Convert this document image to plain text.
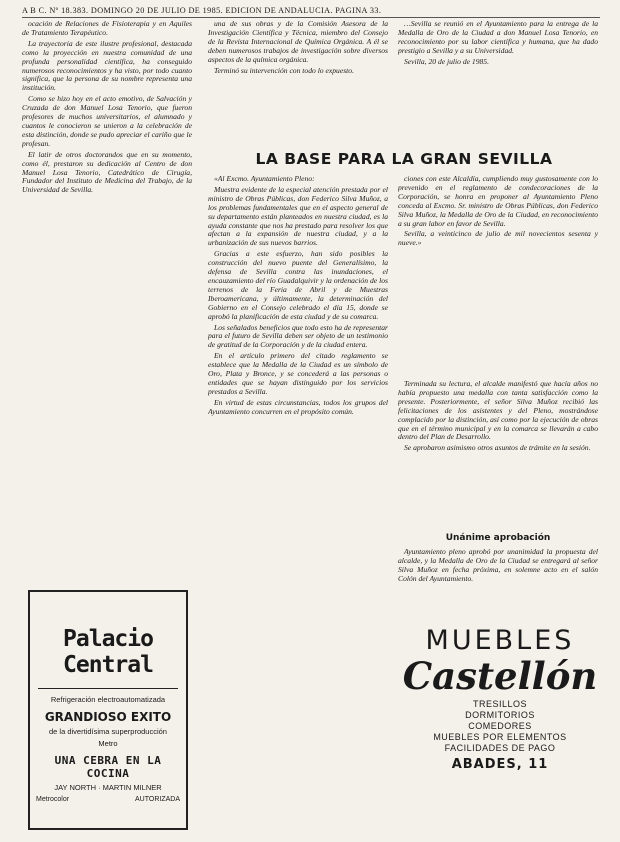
A B C. Nº 18.383. DOMINGO 20 DE JULIO DE 1985. EDICION DE ANDALUCIA. PAGINA 33.

ocación de Relaciones de Fisioterapia y en Aquiles de Tratamiento Terapéutico.

La trayectoria de este ilustre profesional, destacada como la proyección en nuestra comunidad de una profunda personalidad científica, ha conseguido numerosos reconocimientos y ha visto, por todo cuanto significa, que la persona de su nombre representa una institución.

Como se hizo hoy en el acto emotivo, de Salvación y Cruzada de don Manuel Losa Tenorio, que fueron profesores de muchos universitarios, el alumnado y cuantos le conocieron se unieron a la celebración de esta distinción, donde se pudo apreciar el cariño que le profesan.

El latir de otros doctorandos que en su momento, como él, prestaron su dedicación al Centro de don Manuel Losa Tenorio, Catedrático de Cirugía, Fundador del Instituto de Medicina del Trabajo, de la Universidad de Sevilla.

una de sus obras y de la Comisión Asesora de la Investigación Científica y Técnica, miembro del Consejo de la Revista Internacional de Química Orgánica. A él se deben numerosos trabajos de investigación sobre diversos aspectos de la química orgánica.

Terminó su intervención con todo lo expuesto.

…Sevilla se reunió en el Ayuntamiento para la entrega de la Medalla de Oro de la Ciudad a don Manuel Losa Tenorio, en reconocimiento por su labor científica y humana, que ha dado prestigio a Sevilla y a su Universidad.

Sevilla, 20 de julio de 1985.

LA BASE PARA LA GRAN SEVILLA

«Al Excmo. Ayuntamiento Pleno:

Muestra evidente de la especial atención prestada por el ministro de Obras Públicas, don Federico Silva Muñoz, a los problemas fundamentales que en el aspecto general de su departamento están planteados en nuestra ciudad, es la ayuda constante que nos ha prestado para resolver los que afectan a la expansión de nuestra ciudad, y a la urbanización de sus nuevos barrios.

Gracias a este esfuerzo, han sido posibles la construcción del nuevo puente del Generalísimo, la defensa de Sevilla contra las inundaciones, el encauzamiento del río Guadalquivir y la ordenación de los terrenos de la Feria de Abril y de Muestras Iberoamericana, y últimamente, la determinación del Gobierno en el Consejo celebrado el día 15, donde se aprobó la planificación de esta ciudad y de su comarca.

Los señalados beneficios que todo esto ha de representar para el futuro de Sevilla deben ser objeto de un testimonio de gratitud de la Corporación y de la ciudad entera.

En el artículo primero del citado reglamento se establece que la Medalla de la Ciudad es un símbolo de Oro, Plata y Bronce, y se concederá a las personas o entidades que se hayan distinguido por los servicios prestados a Sevilla.

En virtud de estas circunstancias, todos los grupos del Ayuntamiento concurren en el propósito común.

ciones con este Alcaldía, cumpliendo muy gustosamente con lo prevenido en el reglamento de condecoraciones de la Corporación, se honra en proponer al Ayuntamiento Pleno conceda al Excmo. Sr. ministro de Obras Públicas, don Federico Silva Muñoz, la Medalla de Oro de la Ciudad, en reconocimiento a su gran labor en favor de Sevilla.

Sevilla, a veinticinco de julio de mil novecientos sesenta y nueve.»

Terminada su lectura, el alcalde manifestó que hacía años no había propuesto una medalla con tanta satisfacción como la presente. Posteriormente, el señor Silva Muñoz recibió las felicitaciones de los asistentes y del Pleno, mostrándose complacido por la distinción, así como por la ejecución de obras que en el término municipal y en la comarca se llevarán a cabo dentro del Plan de Desarrollo.

Se aprobaron asimismo otros asuntos de trámite en la sesión.

Unánime aprobación

Ayuntamiento pleno aprobó por unanimidad la propuesta del alcalde, y la Medalla de Oro de la Ciudad se entregará al señor Silva Muñoz en fecha próxima, en solemne acto en el salón Colón del Ayuntamiento.

Palacio Central
Refrigeración electroautomatizada
GRANDIOSO EXITO
de la divertidísima superproducción
Metro
UNA CEBRA EN LA COCINA
JAY NORTH · MARTIN MILNER
Metrocolor	AUTORIZADA
MUEBLES
Castellón
TRESILLOS
DORMITORIOS
COMEDORES
MUEBLES POR ELEMENTOS
FACILIDADES DE PAGO
ABADES, 11
